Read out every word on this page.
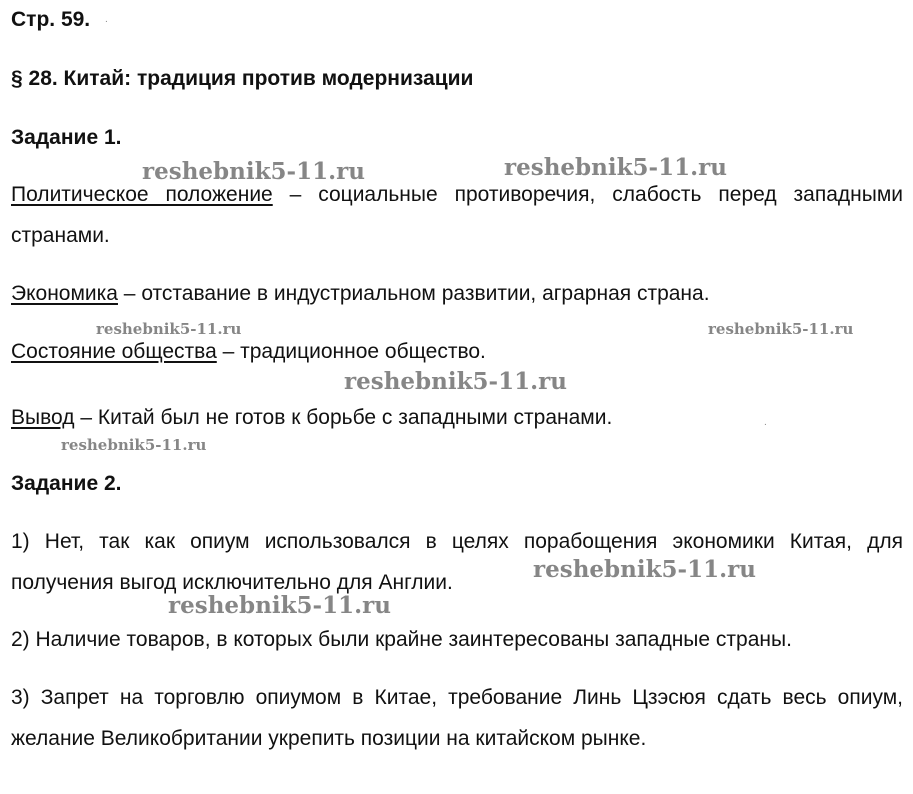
Стр. 59. .
§ 28. Китай: традиция против модернизации
Задание 1.
Политическое положение – социальные противоречия, слабость перед западными странами.
Экономика – отставание в индустриальном развитии, аграрная страна.
Состояние общества – традиционное общество.
Вывод – Китай был не готов к борьбе с западными странами.	.
Задание 2.
1) Нет, так как опиум использовался в целях порабощения экономики Китая, для получения выгод исключительно для Англии.
2) Наличие товаров, в которых были крайне заинтересованы западные страны.
3) Запрет на торговлю опиумом в Китае, требование Линь Цзэсюя сдать весь опиум, желание Великобритании укрепить позиции на китайском рынке.
reshebnik5-11.ru	reshebnik5-11.ru
reshebnik5-11.ru	reshebnik5-11.ru
reshebnik5-11.ru
reshebnik5-11.ru
reshebnik5-11.ru
reshebnik5-11.ru
